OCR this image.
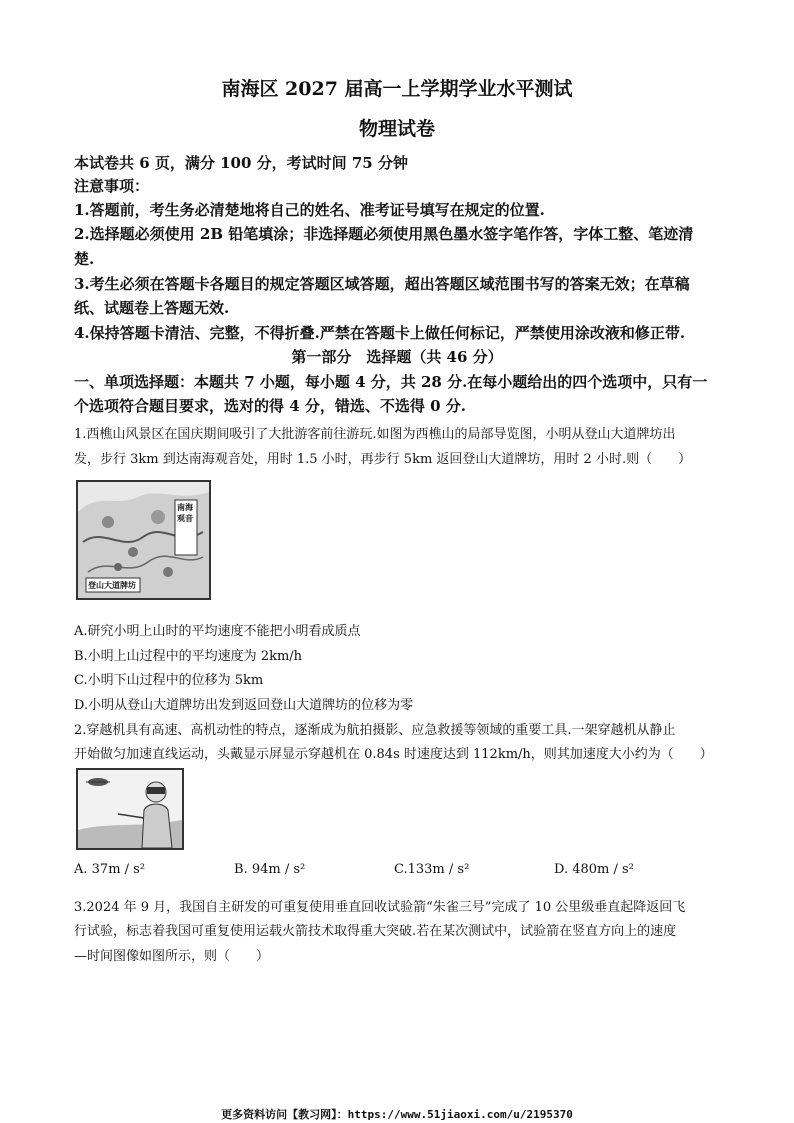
南海区 2027 届高一上学期学业水平测试
物理试卷
本试卷共 6 页，满分 100 分，考试时间 75 分钟
注意事项：
1.答题前，考生务必清楚地将自己的姓名、准考证号填写在规定的位置.
2.选择题必须使用 2B 铅笔填涂；非选择题必须使用黑色墨水签字笔作答，字体工整、笔迹清
楚.
3.考生必须在答题卡各题目的规定答题区域答题，超出答题区域范围书写的答案无效；在草稿
纸、试题卷上答题无效.
4.保持答题卡清洁、完整，不得折叠.严禁在答题卡上做任何标记，严禁使用涂改液和修正带.
第一部分　选择题（共 46 分）
一、单项选择题：本题共 7 小题，每小题 4 分，共 28 分.在每小题给出的四个选项中，只有一
个选项符合题目要求，选对的得 4 分，错选、不选得 0 分.
1.西樵山风景区在国庆期间吸引了大批游客前往游玩.如图为西樵山的局部导览图，小明从登山大道牌坊出
发，步行 3km 到达南海观音处，用时 1.5 小时，再步行 5km 返回登山大道牌坊，用时 2 小时.则（　　）
南海观音
登山大道牌坊
A.研究小明上山时的平均速度不能把小明看成质点
B.小明上山过程中的平均速度为 2km/h
C.小明下山过程中的位移为 5km
D.小明从登山大道牌坊出发到返回登山大道牌坊的位移为零
2.穿越机具有高速、高机动性的特点，逐渐成为航拍摄影、应急救援等领域的重要工具.一架穿越机从静止
开始做匀加速直线运动，头戴显示屏显示穿越机在 0.84s 时速度达到 112km/h，则其加速度大小约为（　　）
A. 37m / s²	B. 94m / s²	C.133m / s²	D. 480m / s²
3.2024 年 9 月，我国自主研发的可重复使用垂直回收试验箭“朱雀三号”完成了 10 公里级垂直起降返回飞
行试验，标志着我国可重复使用运载火箭技术取得重大突破.若在某次测试中，试验箭在竖直方向上的速度
—时间图像如图所示，则（　　）
更多资料访问【教习网】：https://www.51jiaoxi.com/u/2195370
